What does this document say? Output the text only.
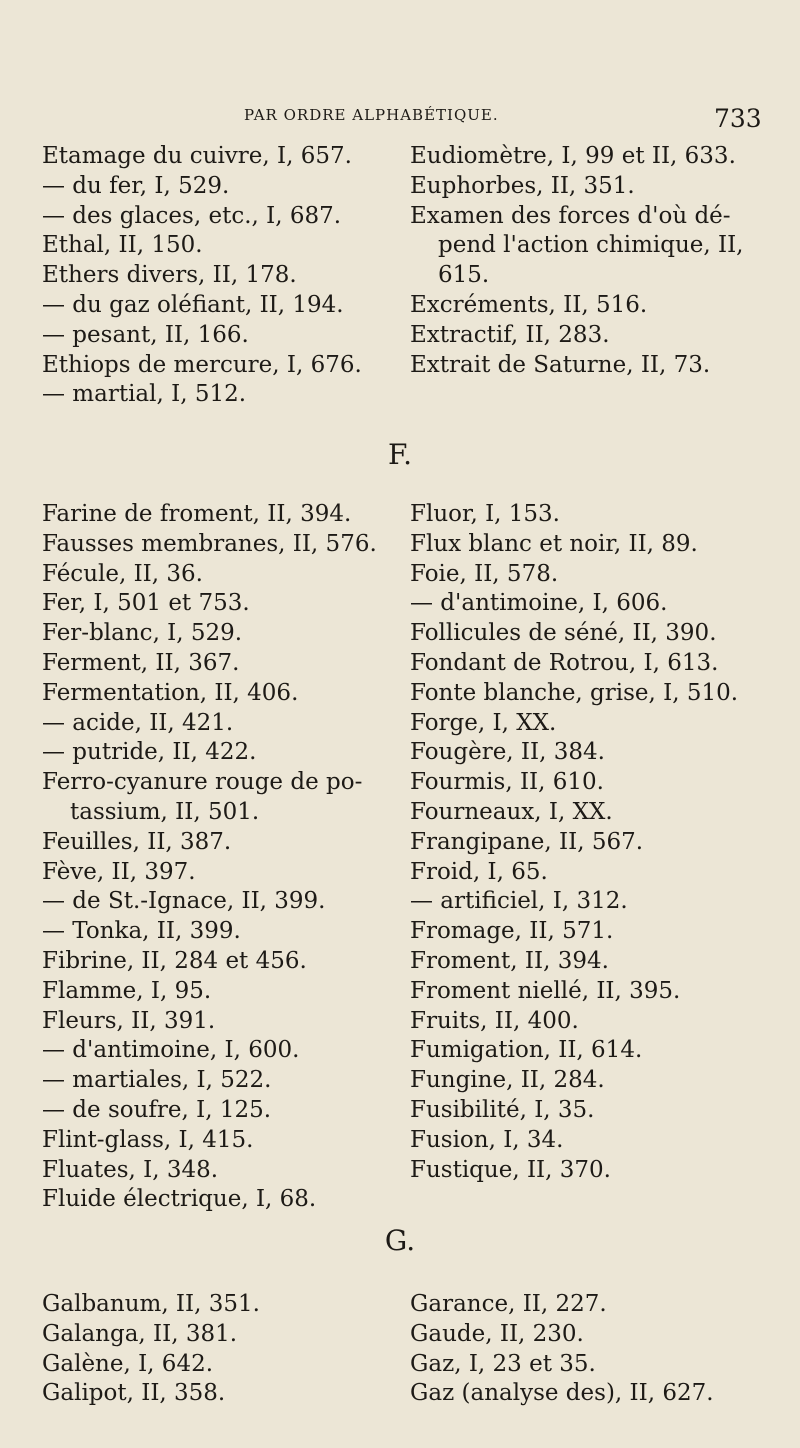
PAR ORDRE ALPHABÉTIQUE.	733
Etamage du cuivre, I, 657.
— du fer, I, 529.
— des glaces, etc., I, 687.
Ethal, II, 150.
Ethers divers, II, 178.
— du gaz oléfiant, II, 194.
— pesant, II, 166.
Ethiops de mercure, I, 676.
— martial, I, 512.
Eudiomètre, I, 99 et II, 633.
Euphorbes, II, 351.
Examen des forces d'où dé-
pend l'action chimique, II,
615.
Excréments, II, 516.
Extractif, II, 283.
Extrait de Saturne, II, 73.
F.
Farine de froment, II, 394.
Fausses membranes, II, 576.
Fécule, II, 36.
Fer, I, 501 et 753.
Fer-blanc, I, 529.
Ferment, II, 367.
Fermentation, II, 406.
— acide, II, 421.
— putride, II, 422.
Ferro-cyanure rouge de po-
tassium, II, 501.
Feuilles, II, 387.
Fève, II, 397.
— de St.-Ignace, II, 399.
— Tonka, II, 399.
Fibrine, II, 284 et 456.
Flamme, I, 95.
Fleurs, II, 391.
— d'antimoine, I, 600.
— martiales, I, 522.
— de soufre, I, 125.
Flint-glass, I, 415.
Fluates, I, 348.
Fluide électrique, I, 68.
Fluor, I, 153.
Flux blanc et noir, II, 89.
Foie, II, 578.
— d'antimoine, I, 606.
Follicules de séné, II, 390.
Fondant de Rotrou, I, 613.
Fonte blanche, grise, I, 510.
Forge, I, XX.
Fougère, II, 384.
Fourmis, II, 610.
Fourneaux, I, XX.
Frangipane, II, 567.
Froid, I, 65.
— artificiel, I, 312.
Fromage, II, 571.
Froment, II, 394.
Froment niellé, II, 395.
Fruits, II, 400.
Fumigation, II, 614.
Fungine, II, 284.
Fusibilité, I, 35.
Fusion, I, 34.
Fustique, II, 370.
G.
Galbanum, II, 351.
Galanga, II, 381.
Galène, I, 642.
Galipot, II, 358.
Garance, II, 227.
Gaude, II, 230.
Gaz, I, 23 et 35.
Gaz (analyse des), II, 627.
